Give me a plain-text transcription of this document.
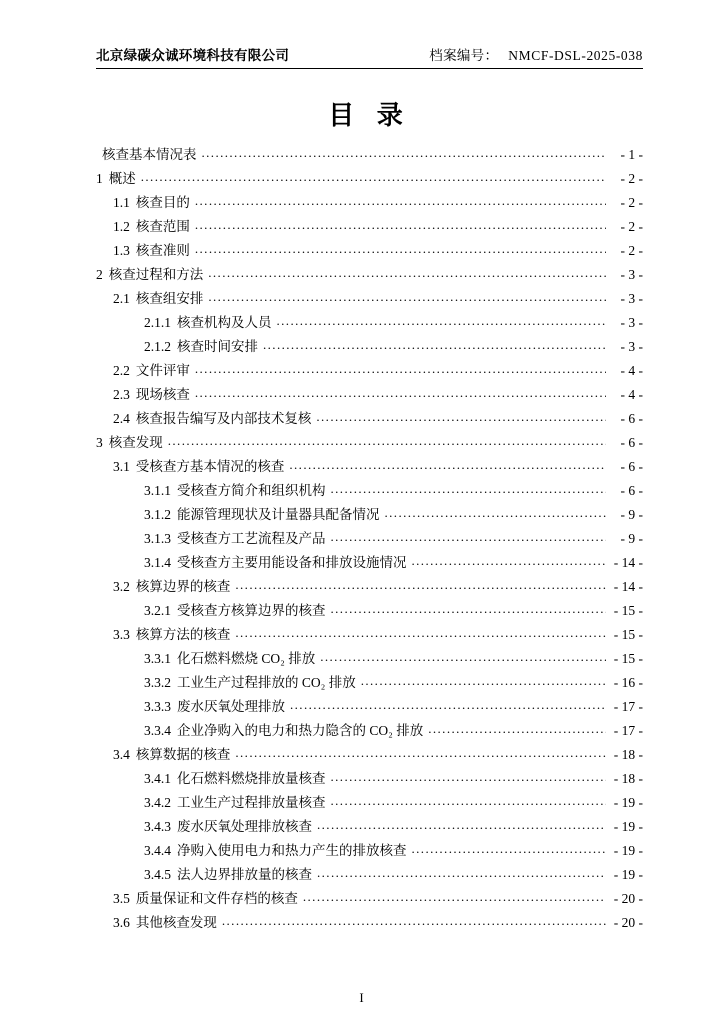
北京绿碳众诚环境科技有限公司	档案编号： NMCF-DSL-2025-038
目 录
核查基本情况表 .....	- 1 -
1 概述 .....	- 2 -
1.1 核查目的 .....	- 2 -
1.2 核查范围 .....	- 2 -
1.3 核查准则 .....	- 2 -
2 核查过程和方法 .....	- 3 -
2.1 核查组安排 .....	- 3 -
2.1.1 核查机构及人员 .....	- 3 -
2.1.2 核查时间安排 .....	- 3 -
2.2 文件评审 .....	- 4 -
2.3 现场核查 .....	- 4 -
2.4 核查报告编写及内部技术复核 .....	- 6 -
3 核查发现 .....	- 6 -
3.1 受核查方基本情况的核查 .....	- 6 -
3.1.1 受核查方简介和组织机构 .....	- 6 -
3.1.2 能源管理现状及计量器具配备情况 .....	- 9 -
3.1.3 受核查方工艺流程及产品 .....	- 9 -
3.1.4 受核查方主要用能设备和排放设施情况 .....	- 14 -
3.2 核算边界的核查 .....	- 14 -
3.2.1 受核查方核算边界的核查 .....	- 15 -
3.3 核算方法的核查 .....	- 15 -
3.3.1 化石燃料燃烧 CO₂ 排放 .....	- 15 -
3.3.2 工业生产过程排放的 CO₂ 排放 .....	- 16 -
3.3.3 废水厌氧处理排放 .....	- 17 -
3.3.4 企业净购入的电力和热力隐含的 CO₂ 排放 .....	- 17 -
3.4 核算数据的核查 .....	- 18 -
3.4.1 化石燃料燃烧排放量核查 .....	- 18 -
3.4.2 工业生产过程排放量核查 .....	- 19 -
3.4.3 废水厌氧处理排放核查 .....	- 19 -
3.4.4 净购入使用电力和热力产生的排放核查 .....	- 19 -
3.4.5 法人边界排放量的核查 .....	- 19 -
3.5 质量保证和文件存档的核查 .....	- 20 -
3.6 其他核查发现 .....	- 20 -
I
